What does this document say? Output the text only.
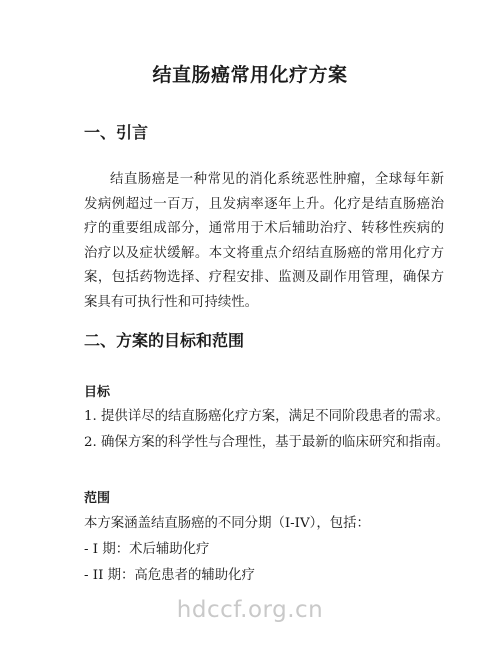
结直肠癌常用化疗方案
一、引言

结直肠癌是一种常见的消化系统恶性肿瘤，全球每年新发病例超过一百万，且发病率逐年上升。化疗是结直肠癌治疗的重要组成部分，通常用于术后辅助治疗、转移性疾病的治疗以及症状缓解。本文将重点介绍结直肠癌的常用化疗方案，包括药物选择、疗程安排、监测及副作用管理，确保方案具有可执行性和可持续性。

二、方案的目标和范围
目标
1. 提供详尽的结直肠癌化疗方案，满足不同阶段患者的需求。
2. 确保方案的科学性与合理性，基于最新的临床研究和指南。
范围
本方案涵盖结直肠癌的不同分期（I-IV），包括：
- I 期：术后辅助化疗
- II 期：高危患者的辅助化疗
hdccf.org.cn
